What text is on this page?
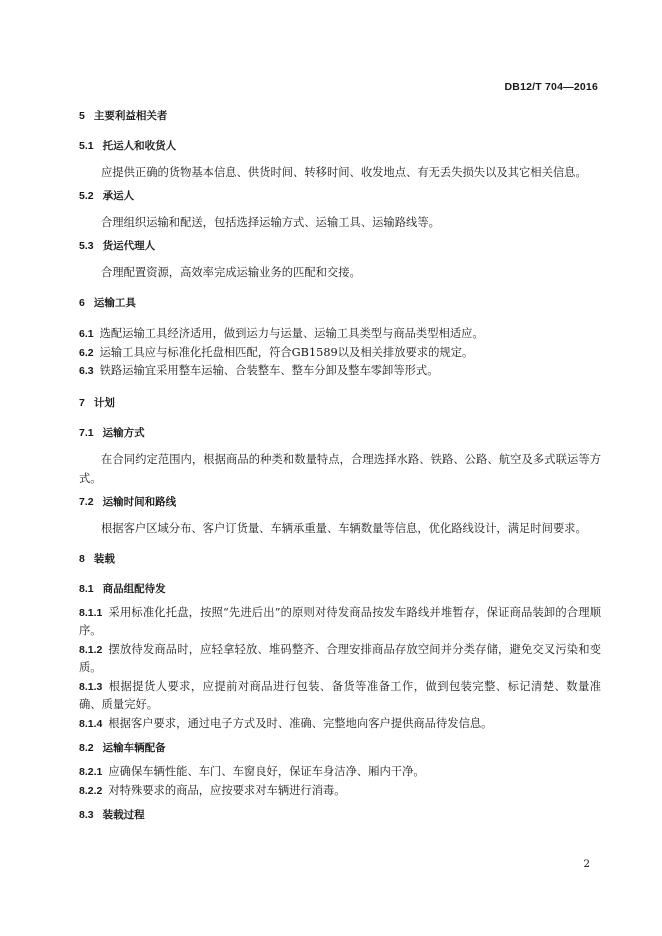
DB12/T 704—2016
5 主要利益相关者
5.1 托运人和收货人

应提供正确的货物基本信息、供货时间、转移时间、收发地点、有无丢失损失以及其它相关信息。

5.2 承运人

合理组织运输和配送，包括选择运输方式、运输工具、运输路线等。

5.3 货运代理人

合理配置资源，高效率完成运输业务的匹配和交接。

6 运输工具

6.1 选配运输工具经济适用，做到运力与运量、运输工具类型与商品类型相适应。

6.2 运输工具应与标准化托盘相匹配，符合GB1589以及相关排放要求的规定。

6.3 铁路运输宜采用整车运输、合装整车、整车分卸及整车零卸等形式。

7 计划
7.1 运输方式

在合同约定范围内，根据商品的种类和数量特点，合理选择水路、铁路、公路、航空及多式联运等方式。

7.2 运输时间和路线

根据客户区域分布、客户订货量、车辆承重量、车辆数量等信息，优化路线设计，满足时间要求。

8 装载
8.1 商品组配待发

8.1.1 采用标准化托盘，按照“先进后出”的原则对待发商品按发车路线并堆暂存，保证商品装卸的合理顺序。

8.1.2 摆放待发商品时，应轻拿轻放、堆码整齐、合理安排商品存放空间并分类存储，避免交叉污染和变质。

8.1.3 根据提货人要求，应提前对商品进行包装、备货等准备工作，做到包装完整、标记清楚、数量准确、质量完好。

8.1.4 根据客户要求，通过电子方式及时、准确、完整地向客户提供商品待发信息。

8.2 运输车辆配备

8.2.1 应确保车辆性能、车门、车窗良好，保证车身洁净、厢内干净。

8.2.2 对特殊要求的商品，应按要求对车辆进行消毒。

8.3 装载过程
2
